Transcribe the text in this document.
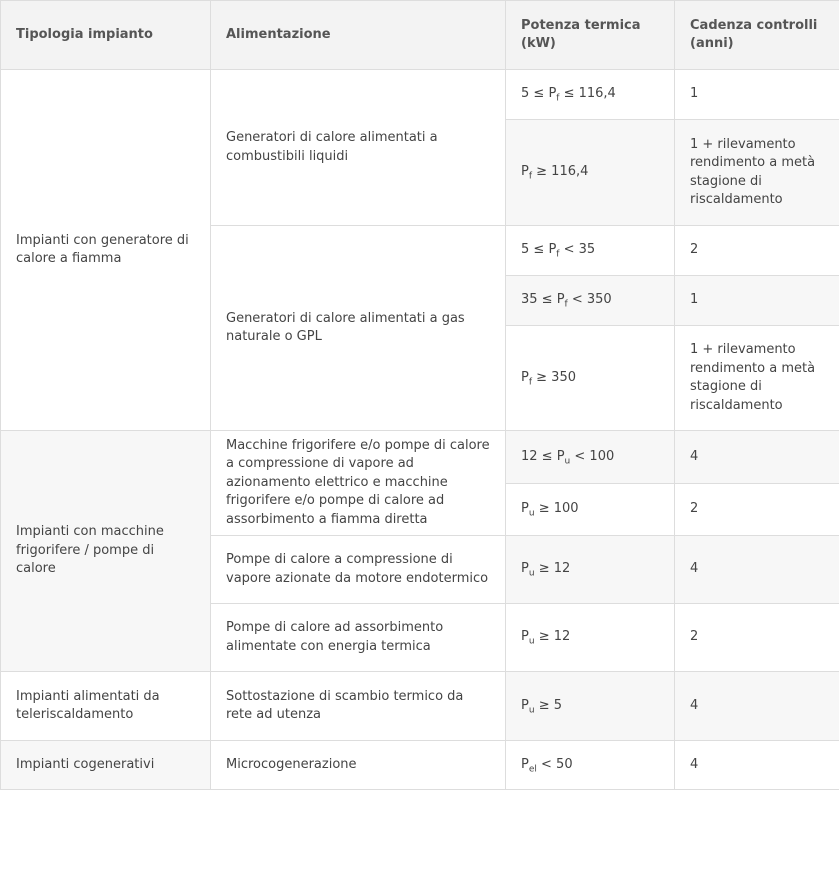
Tipologia impianto	Alimentazione	Potenza termica (kW)	Cadenza controlli (anni)
Impianti con generatore di calore a fiamma	Generatori di calore alimentati a combustibili liquidi	$5 \le P_f \le 116,4$	1
		$P_f \ge 116,4$	1 + rilevamento rendimento a metà stagione di riscaldamento
	Generatori di calore alimentati a gas naturale o GPL	$5 \le P_f < 35$	2
		$35 \le P_f < 350$	1
		$P_f \ge 350$	1 + rilevamento rendimento a metà stagione di riscaldamento
Impianti con macchine frigorifere / pompe di calore	Macchine frigorifere e/o pompe di calore a compressione di vapore ad azionamento elettrico e macchine frigorifere e/o pompe di calore ad assorbimento a fiamma diretta	$12 \le P_u < 100$	4
		$P_u \ge 100$	2
	Pompe di calore a compressione di vapore azionate da motore endotermico	$P_u \ge 12$	4
	Pompe di calore ad assorbimento alimentate con energia termica	$P_u \ge 12$	2
Impianti alimentati da teleriscaldamento	Sottostazione di scambio termico da rete ad utenza	$P_u \ge 5$	4
Impianti cogenerativi	Microcogenerazione	$P_{el} < 50$	4
